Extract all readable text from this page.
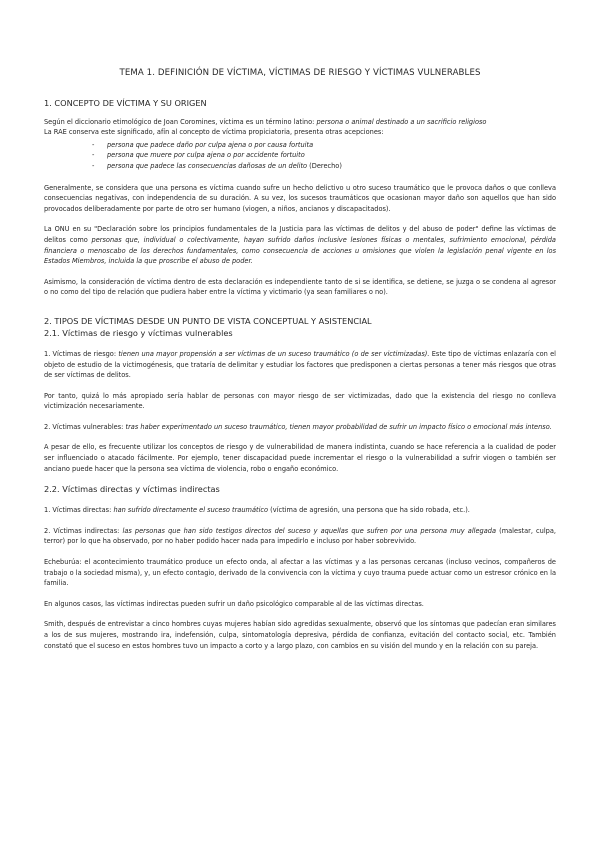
TEMA 1. DEFINICIÓN DE VÍCTIMA, VÍCTIMAS DE RIESGO Y VÍCTIMAS VULNERABLES
1. CONCEPTO DE VÍCTIMA Y SU ORIGEN

Según el diccionario etimológico de Joan Coromines, víctima es un término latino: persona o animal destinado a un sacrificio religioso

La RAE conserva este significado, afín al concepto de víctima propiciatoria, presenta otras acepciones:

- persona que padece daño por culpa ajena o por causa fortuita
- persona que muere por culpa ajena o por accidente fortuito
- persona que padece las consecuencias dañosas de un delito (Derecho)

Generalmente, se considera que una persona es víctima cuando sufre un hecho delictivo u otro suceso traumático que le provoca daños o que conlleva consecuencias negativas, con independencia de su duración. A su vez, los sucesos traumáticos que ocasionan mayor daño son aquellos que han sido provocados deliberadamente por parte de otro ser humano (viogen, a niños, ancianos y discapacitados).

La ONU en su "Declaración sobre los principios fundamentales de la Justicia para las víctimas de delitos y del abuso de poder" define las víctimas de delitos como personas que, individual o colectivamente, hayan sufrido daños inclusive lesiones físicas o mentales, sufrimiento emocional, pérdida financiera o menoscabo de los derechos fundamentales, como consecuencia de acciones u omisiones que violen la legislación penal vigente en los Estados Miembros, incluida la que proscribe el abuso de poder.

Asimismo, la consideración de víctima dentro de esta declaración es independiente tanto de si se identifica, se detiene, se juzga o se condena al agresor o no como del tipo de relación que pudiera haber entre la víctima y victimario (ya sean familiares o no).

2. TIPOS DE VÍCTIMAS DESDE UN PUNTO DE VISTA CONCEPTUAL Y ASISTENCIAL
2.1. Víctimas de riesgo y víctimas vulnerables

1. Víctimas de riesgo: tienen una mayor propensión a ser víctimas de un suceso traumático (o de ser victimizadas). Este tipo de víctimas enlazaría con el objeto de estudio de la victimogénesis, que trataría de delimitar y estudiar los factores que predisponen a ciertas personas a tener más riesgos que otras de ser víctimas de delitos.

Por tanto, quizá lo más apropiado sería hablar de personas con mayor riesgo de ser victimizadas, dado que la existencia del riesgo no conlleva victimización necesariamente.

2. Víctimas vulnerables: tras haber experimentado un suceso traumático, tienen mayor probabilidad de sufrir un impacto físico o emocional más intenso.

A pesar de ello, es frecuente utilizar los conceptos de riesgo y de vulnerabilidad de manera indistinta, cuando se hace referencia a la cualidad de poder ser influenciado o atacado fácilmente. Por ejemplo, tener discapacidad puede incrementar el riesgo o la vulnerabilidad a sufrir viogen o también ser anciano puede hacer que la persona sea víctima de violencia, robo o engaño económico.

2.2. Víctimas directas y víctimas indirectas

1. Víctimas directas: han sufrido directamente el suceso traumático (víctima de agresión, una persona que ha sido robada, etc.).

2. Víctimas indirectas: las personas que han sido testigos directos del suceso y aquellas que sufren por una persona muy allegada (malestar, culpa, terror) por lo que ha observado, por no haber podido hacer nada para impedirlo e incluso por haber sobrevivido.

Echeburúa: el acontecimiento traumático produce un efecto onda, al afectar a las víctimas y a las personas cercanas (incluso vecinos, compañeros de trabajo o la sociedad misma), y, un efecto contagio, derivado de la convivencia con la víctima y cuyo trauma puede actuar como un estresor crónico en la familia.

En algunos casos, las víctimas indirectas pueden sufrir un daño psicológico comparable al de las víctimas directas.

Smith, después de entrevistar a cinco hombres cuyas mujeres habían sido agredidas sexualmente, observó que los síntomas que padecían eran similares a los de sus mujeres, mostrando ira, indefensión, culpa, sintomatología depresiva, pérdida de confianza, evitación del contacto social, etc. También constató que el suceso en estos hombres tuvo un impacto a corto y a largo plazo, con cambios en su visión del mundo y en la relación con su pareja.
